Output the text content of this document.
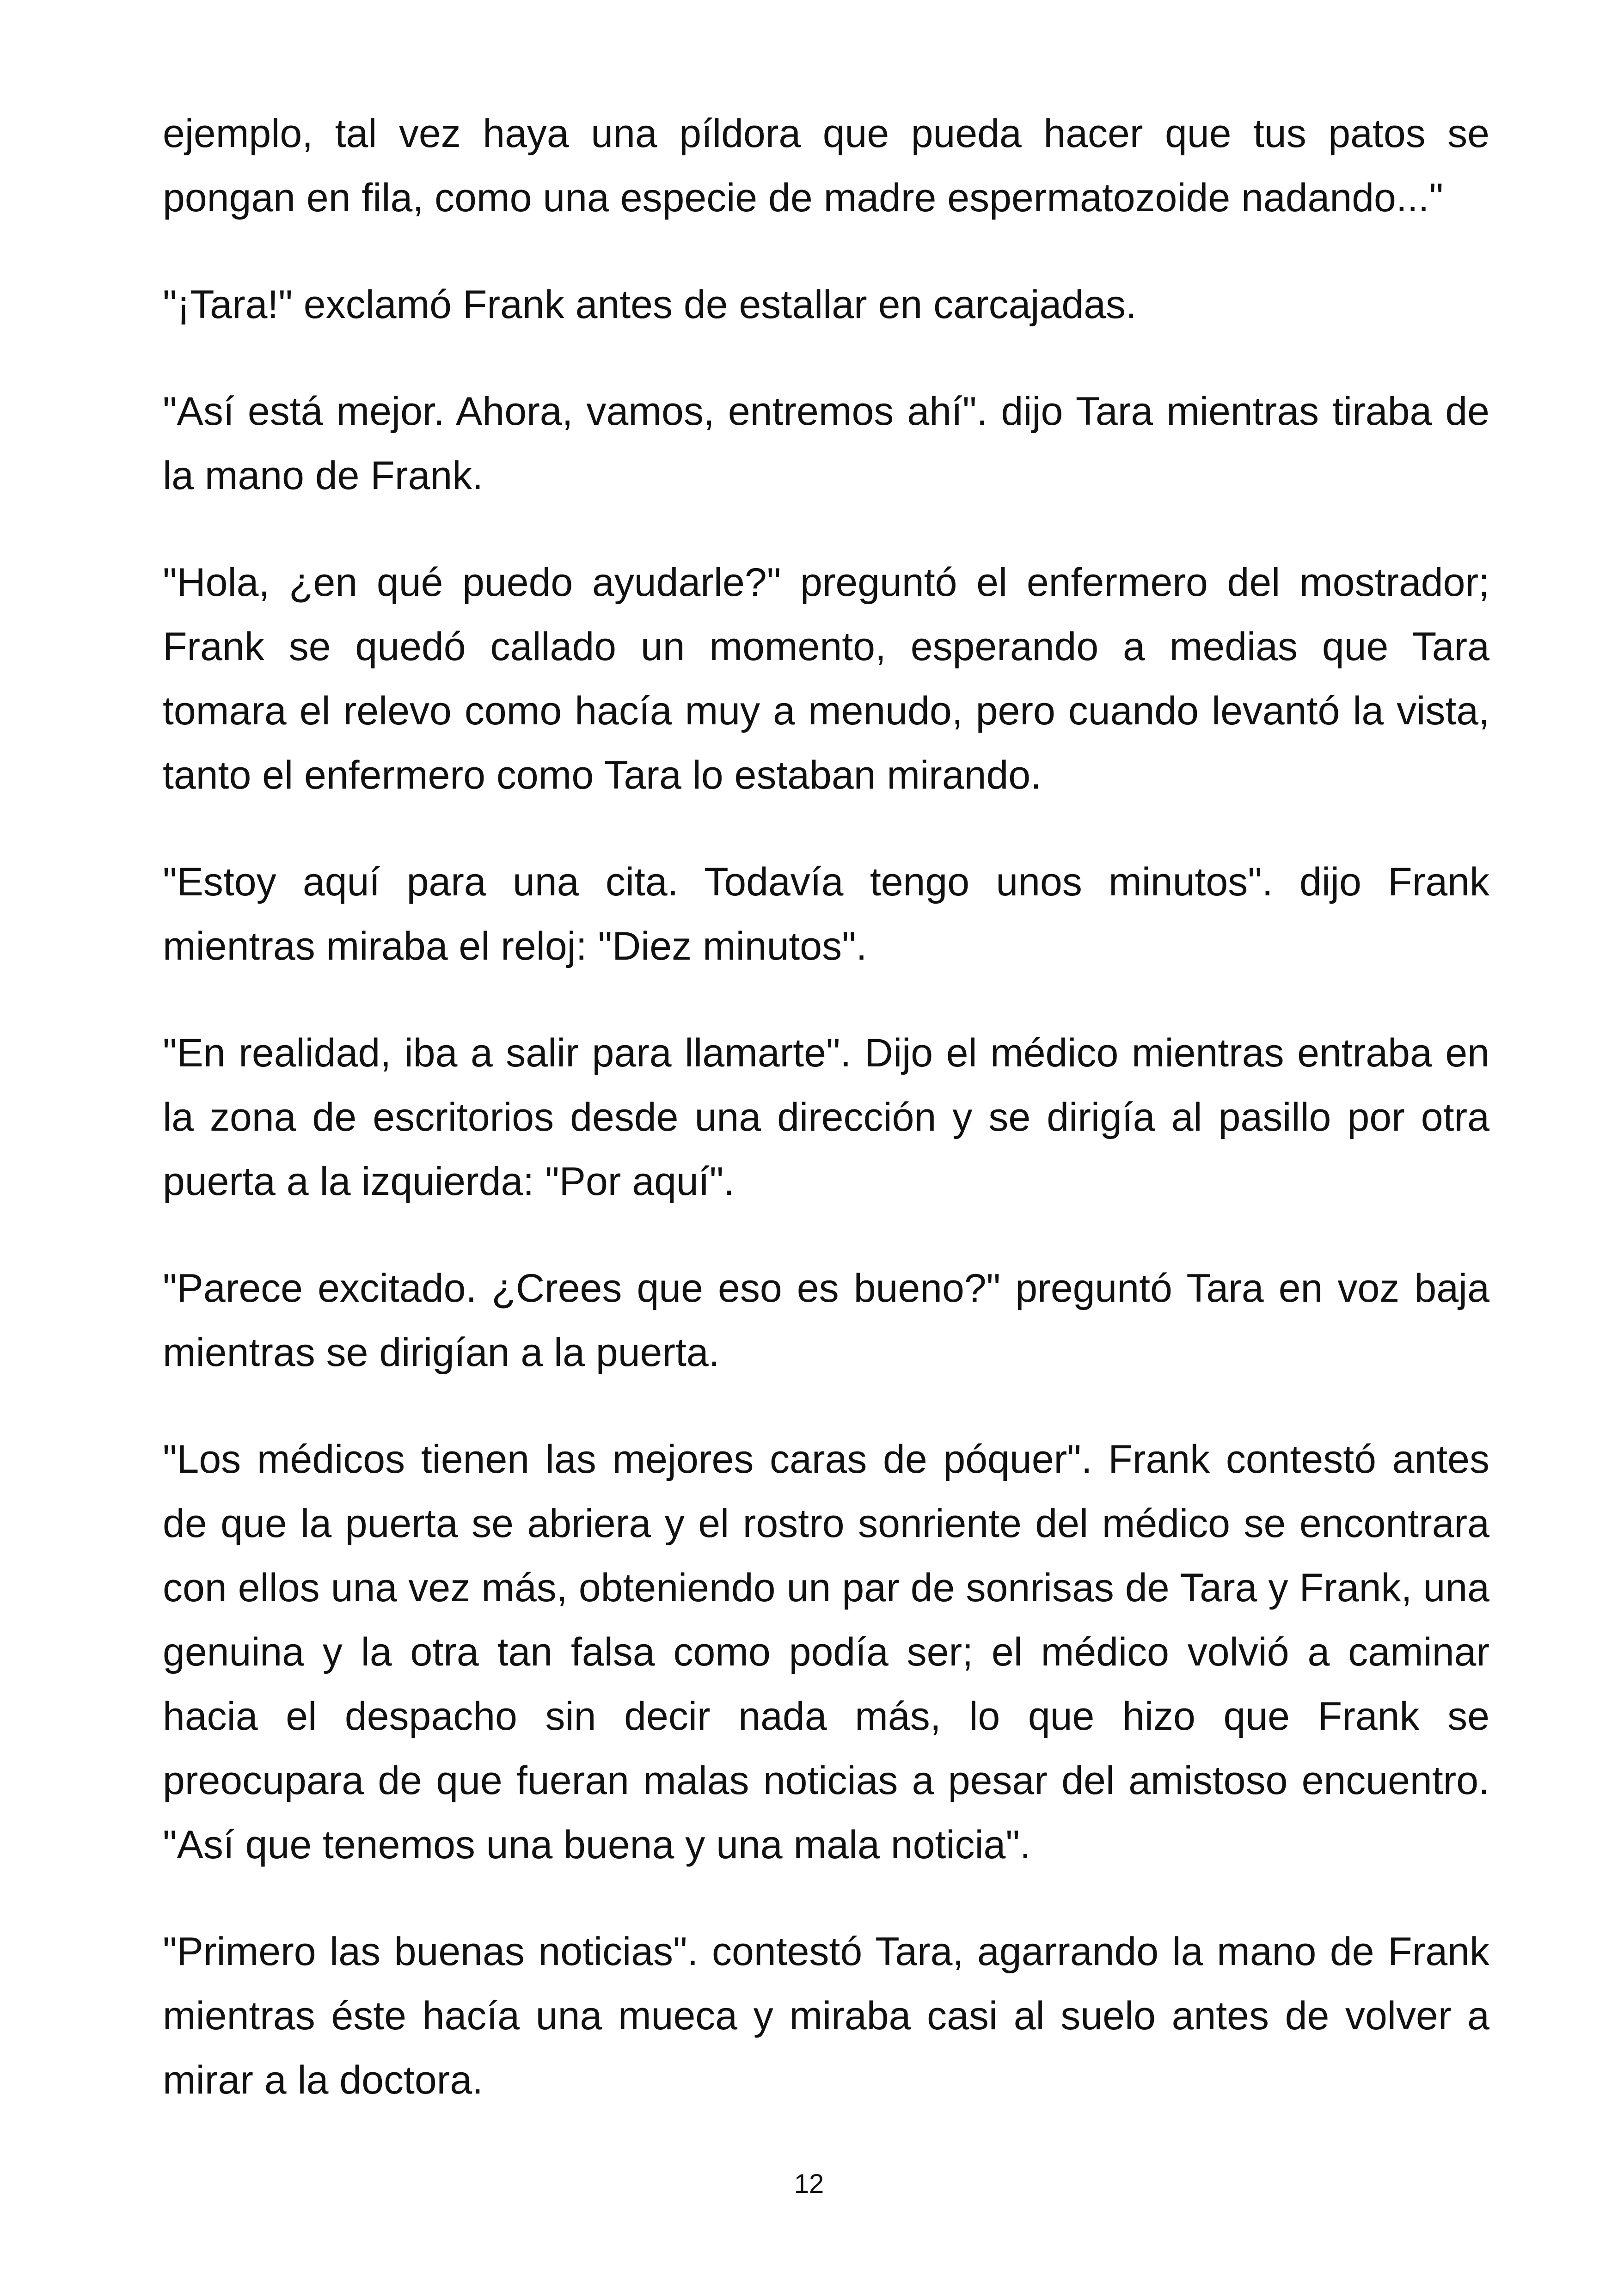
ejemplo, tal vez haya una píldora que pueda hacer que tus patos se pongan en fila, como una especie de madre espermatozoide nadando..."

"¡Tara!" exclamó Frank antes de estallar en carcajadas.

"Así está mejor. Ahora, vamos, entremos ahí". dijo Tara mientras tiraba de la mano de Frank.

"Hola, ¿en qué puedo ayudarle?" preguntó el enfermero del mostrador; Frank se quedó callado un momento, esperando a medias que Tara tomara el relevo como hacía muy a menudo, pero cuando levantó la vista, tanto el enfermero como Tara lo estaban mirando.

"Estoy aquí para una cita. Todavía tengo unos minutos". dijo Frank mientras miraba el reloj: "Diez minutos".

"En realidad, iba a salir para llamarte". Dijo el médico mientras entraba en la zona de escritorios desde una dirección y se dirigía al pasillo por otra puerta a la izquierda: "Por aquí".

"Parece excitado. ¿Crees que eso es bueno?" preguntó Tara en voz baja mientras se dirigían a la puerta.

"Los médicos tienen las mejores caras de póquer". Frank contestó antes de que la puerta se abriera y el rostro sonriente del médico se encontrara con ellos una vez más, obteniendo un par de sonrisas de Tara y Frank, una genuina y la otra tan falsa como podía ser; el médico volvió a caminar hacia el despacho sin decir nada más, lo que hizo que Frank se preocupara de que fueran malas noticias a pesar del amistoso encuentro. "Así que tenemos una buena y una mala noticia".

"Primero las buenas noticias". contestó Tara, agarrando la mano de Frank mientras éste hacía una mueca y miraba casi al suelo antes de volver a mirar a la doctora.

12
